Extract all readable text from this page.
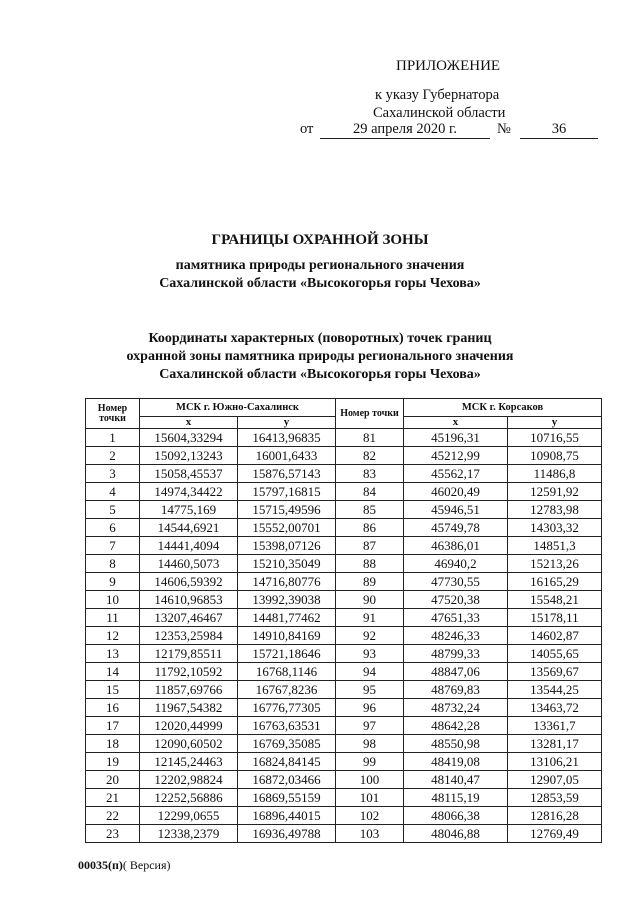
ПРИЛОЖЕНИЕ
к указу Губернатора
Сахалинской области
от	29 апреля 2020 г.	№	36
ГРАНИЦЫ ОХРАННОЙ ЗОНЫ
памятника природы регионального значения
Сахалинской области «Высокогорья горы Чехова»
Координаты характерных (поворотных) точек границ
охранной зоны памятника природы регионального значения
Сахалинской области «Высокогорья горы Чехова»
Номер точки	МСК г. Южно-Сахалинск		Номер точки	МСК г. Корсаков	
	x	y		x	y
1	15604,33294	16413,96835	81	45196,31	10716,55
2	15092,13243	16001,6433	82	45212,99	10908,75
3	15058,45537	15876,57143	83	45562,17	11486,8
4	14974,34422	15797,16815	84	46020,49	12591,92
5	14775,169	15715,49596	85	45946,51	12783,98
6	14544,6921	15552,00701	86	45749,78	14303,32
7	14441,4094	15398,07126	87	46386,01	14851,3
8	14460,5073	15210,35049	88	46940,2	15213,26
9	14606,59392	14716,80776	89	47730,55	16165,29
10	14610,96853	13992,39038	90	47520,38	15548,21
11	13207,46467	14481,77462	91	47651,33	15178,11
12	12353,25984	14910,84169	92	48246,33	14602,87
13	12179,85511	15721,18646	93	48799,33	14055,65
14	11792,10592	16768,1146	94	48847,06	13569,67
15	11857,69766	16767,8236	95	48769,83	13544,25
16	11967,54382	16776,77305	96	48732,24	13463,72
17	12020,44999	16763,63531	97	48642,28	13361,7
18	12090,60502	16769,35085	98	48550,98	13281,17
19	12145,24463	16824,84145	99	48419,08	13106,21
20	12202,98824	16872,03466	100	48140,47	12907,05
21	12252,56886	16869,55159	101	48115,19	12853,59
22	12299,0655	16896,44015	102	48066,38	12816,28
23	12338,2379	16936,49788	103	48046,88	12769,49
00035(п)( Версия)
